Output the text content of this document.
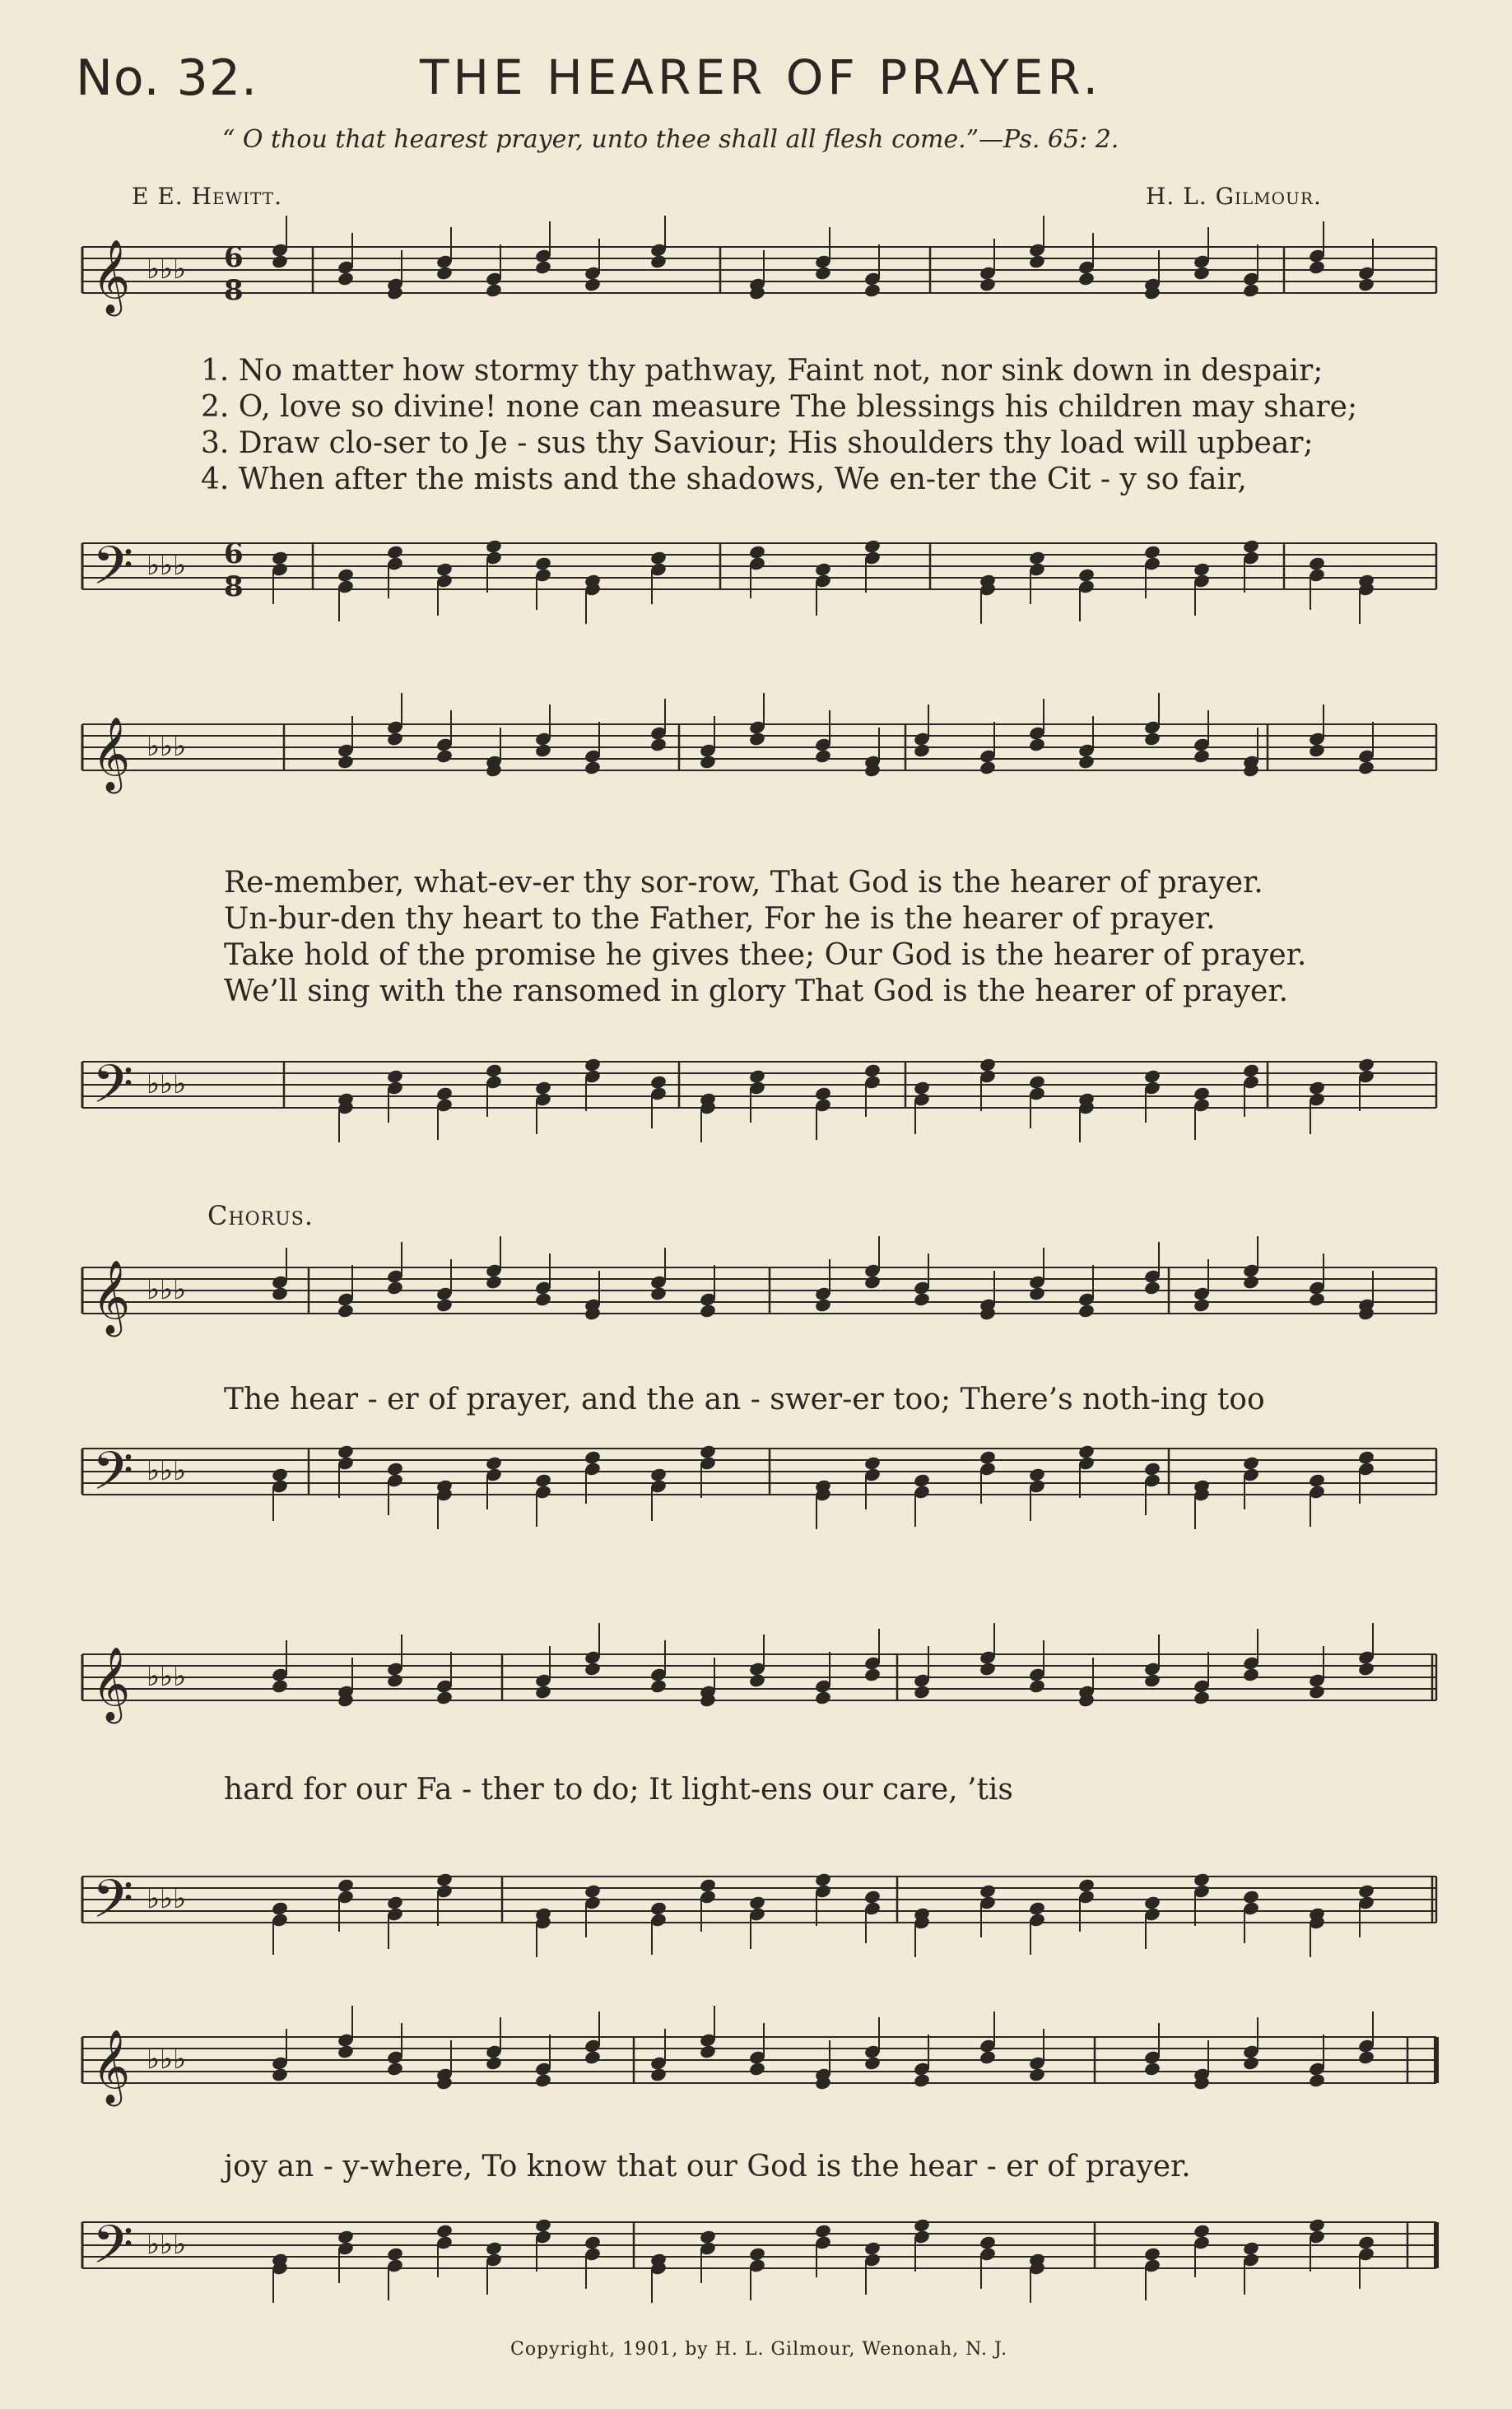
No. 32.	THE HEARER OF PRAYER.
“ O thou that hearest prayer, unto thee shall all flesh come.”—Ps. 65: 2.
E E. Hewitt.	H. L. Gilmour.
𝄞 ♭♭♭ 6
8
𝄢 ♭♭♭ 6
8
𝄞 ♭♭♭
𝄢 ♭♭♭
𝄞 ♭♭♭
𝄢 ♭♭♭
𝄞 ♭♭♭
𝄢 ♭♭♭
𝄞 ♭♭♭
𝄢 ♭♭♭
1. No matter how stormy thy pathway, Faint not, nor sink down in despair;
2. O, love so divine! none can measure The blessings his children may share;
3. Draw clo-ser to Je - sus thy Saviour; His shoulders thy load will upbear;
4. When after the mists and the shadows, We en-ter the Cit - y so fair,
Re-member, what-ev-er thy sor-row, That God is the hearer of prayer.
Un-bur-den thy heart to the Father, For he is the hearer of prayer.
Take hold of the promise he gives thee; Our God is the hearer of prayer.
We’ll sing with the ransomed in glory That God is the hearer of prayer.
Chorus.
The hear - er of prayer, and the an - swer-er too; There’s noth-ing too
hard for our Fa - ther to do; It light-ens our care, ’tis
joy an - y-where, To know that our God is the hear - er of prayer.
Copyright, 1901, by H. L. Gilmour, Wenonah, N. J.
